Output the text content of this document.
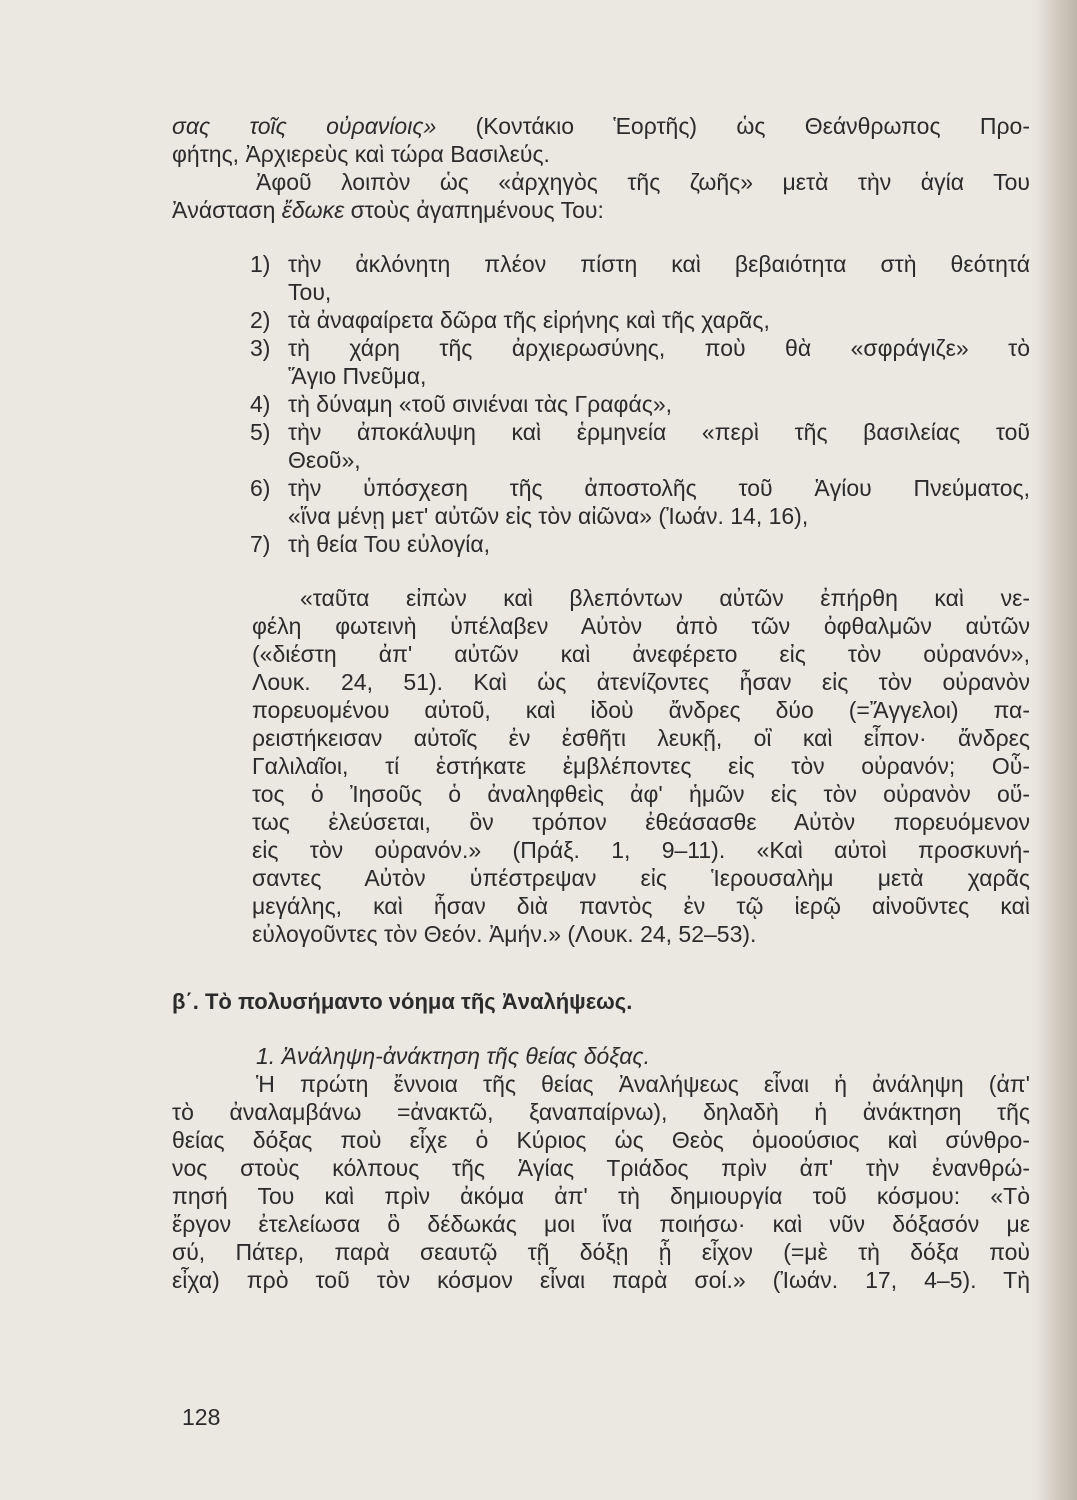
σας τοῖς οὐρανίοις» (Κοντάκιο Ἑορτῆς) ὡς Θεάνθρωπος Προ-
φήτης, Ἀρχιερεὺς καὶ τώρα Βασιλεύς.
Ἀφοῦ λοιπὸν ὡς «ἀρχηγὸς τῆς ζωῆς» μετὰ τὴν ἁγία Του
Ἀνάσταση ἔδωκε στοὺς ἀγαπημένους Του:
1) τὴν ἀκλόνητη πλέον πίστη καὶ βεβαιότητα στὴ θεότητά
Του,
2) τὰ ἀναφαίρετα δῶρα τῆς εἰρήνης καὶ τῆς χαρᾶς,
3) τὴ χάρη τῆς ἀρχιερωσύνης, ποὺ θὰ «σφράγιζε» τὸ
Ἅγιο Πνεῦμα,
4) τὴ δύναμη «τοῦ σινιέναι τὰς Γραφάς»,
5) τὴν ἀποκάλυψη καὶ ἑρμηνεία «περὶ τῆς βασιλείας τοῦ
Θεοῦ»,
6) τὴν ὑπόσχεση τῆς ἀποστολῆς τοῦ Ἁγίου Πνεύματος,
«ἵνα μένῃ μετ' αὐτῶν εἰς τὸν αἰῶνα» (Ἰωάν. 14, 16),
7) τὴ θεία Του εὐλογία,
«ταῦτα εἰπὼν καὶ βλεπόντων αὐτῶν ἐπήρθη καὶ νε-
φέλη φωτεινὴ ὑπέλαβεν Αὐτὸν ἀπὸ τῶν ὀφθαλμῶν αὐτῶν
(«διέστη ἀπ' αὐτῶν καὶ ἀνεφέρετο εἰς τὸν οὐρανόν»,
Λουκ. 24, 51). Καὶ ὡς ἀτενίζοντες ἦσαν εἰς τὸν οὐρανὸν
πορευομένου αὐτοῦ, καὶ ἰδοὺ ἄνδρες δύο (=Ἄγγελοι) πα-
ρειστήκεισαν αὐτοῖς ἐν ἐσθῆτι λευκῇ, οἳ καὶ εἶπον· ἄνδρες
Γαλιλαῖοι, τί ἑστήκατε ἐμβλέποντες εἰς τὸν οὐρανόν; Οὗ-
τος ὁ Ἰησοῦς ὁ ἀναληφθεὶς ἀφ' ἡμῶν εἰς τὸν οὐρανὸν οὕ-
τως ἐλεύσεται, ὃν τρόπον ἐθεάσασθε Αὐτὸν πορευόμενον
εἰς τὸν οὐρανόν.» (Πράξ. 1, 9–11). «Καὶ αὐτοὶ προσκυνή-
σαντες Αὐτὸν ὑπέστρεψαν εἰς Ἱερουσαλὴμ μετὰ χαρᾶς
μεγάλης, καὶ ἦσαν διὰ παντὸς ἐν τῷ ἱερῷ αἰνοῦντες καὶ
εὐλογοῦντες τὸν Θεόν. Ἀμήν.» (Λουκ. 24, 52–53).
β΄. Τὸ πολυσήμαντο νόημα τῆς Ἀναλήψεως.
1. Ἀνάληψη-ἀνάκτηση τῆς θείας δόξας.
Ἡ πρώτη ἔννοια τῆς θείας Ἀναλήψεως εἶναι ἡ ἀνάληψη (ἀπ'
τὸ ἀναλαμβάνω =ἀνακτῶ, ξαναπαίρνω), δηλαδὴ ἡ ἀνάκτηση τῆς
θείας δόξας ποὺ εἶχε ὁ Κύριος ὡς Θεὸς ὁμοούσιος καὶ σύνθρο-
νος στοὺς κόλπους τῆς Ἁγίας Τριάδος πρὶν ἀπ' τὴν ἐνανθρώ-
πησή Του καὶ πρὶν ἀκόμα ἀπ' τὴ δημιουργία τοῦ κόσμου: «Τὸ
ἔργον ἐτελείωσα ὃ δέδωκάς μοι ἵνα ποιήσω· καὶ νῦν δόξασόν με
σύ, Πάτερ, παρὰ σεαυτῷ τῇ δόξῃ ᾗ εἶχον (=μὲ τὴ δόξα ποὺ
εἶχα) πρὸ τοῦ τὸν κόσμον εἶναι παρὰ σοί.» (Ἰωάν. 17, 4–5). Τὴ
128
